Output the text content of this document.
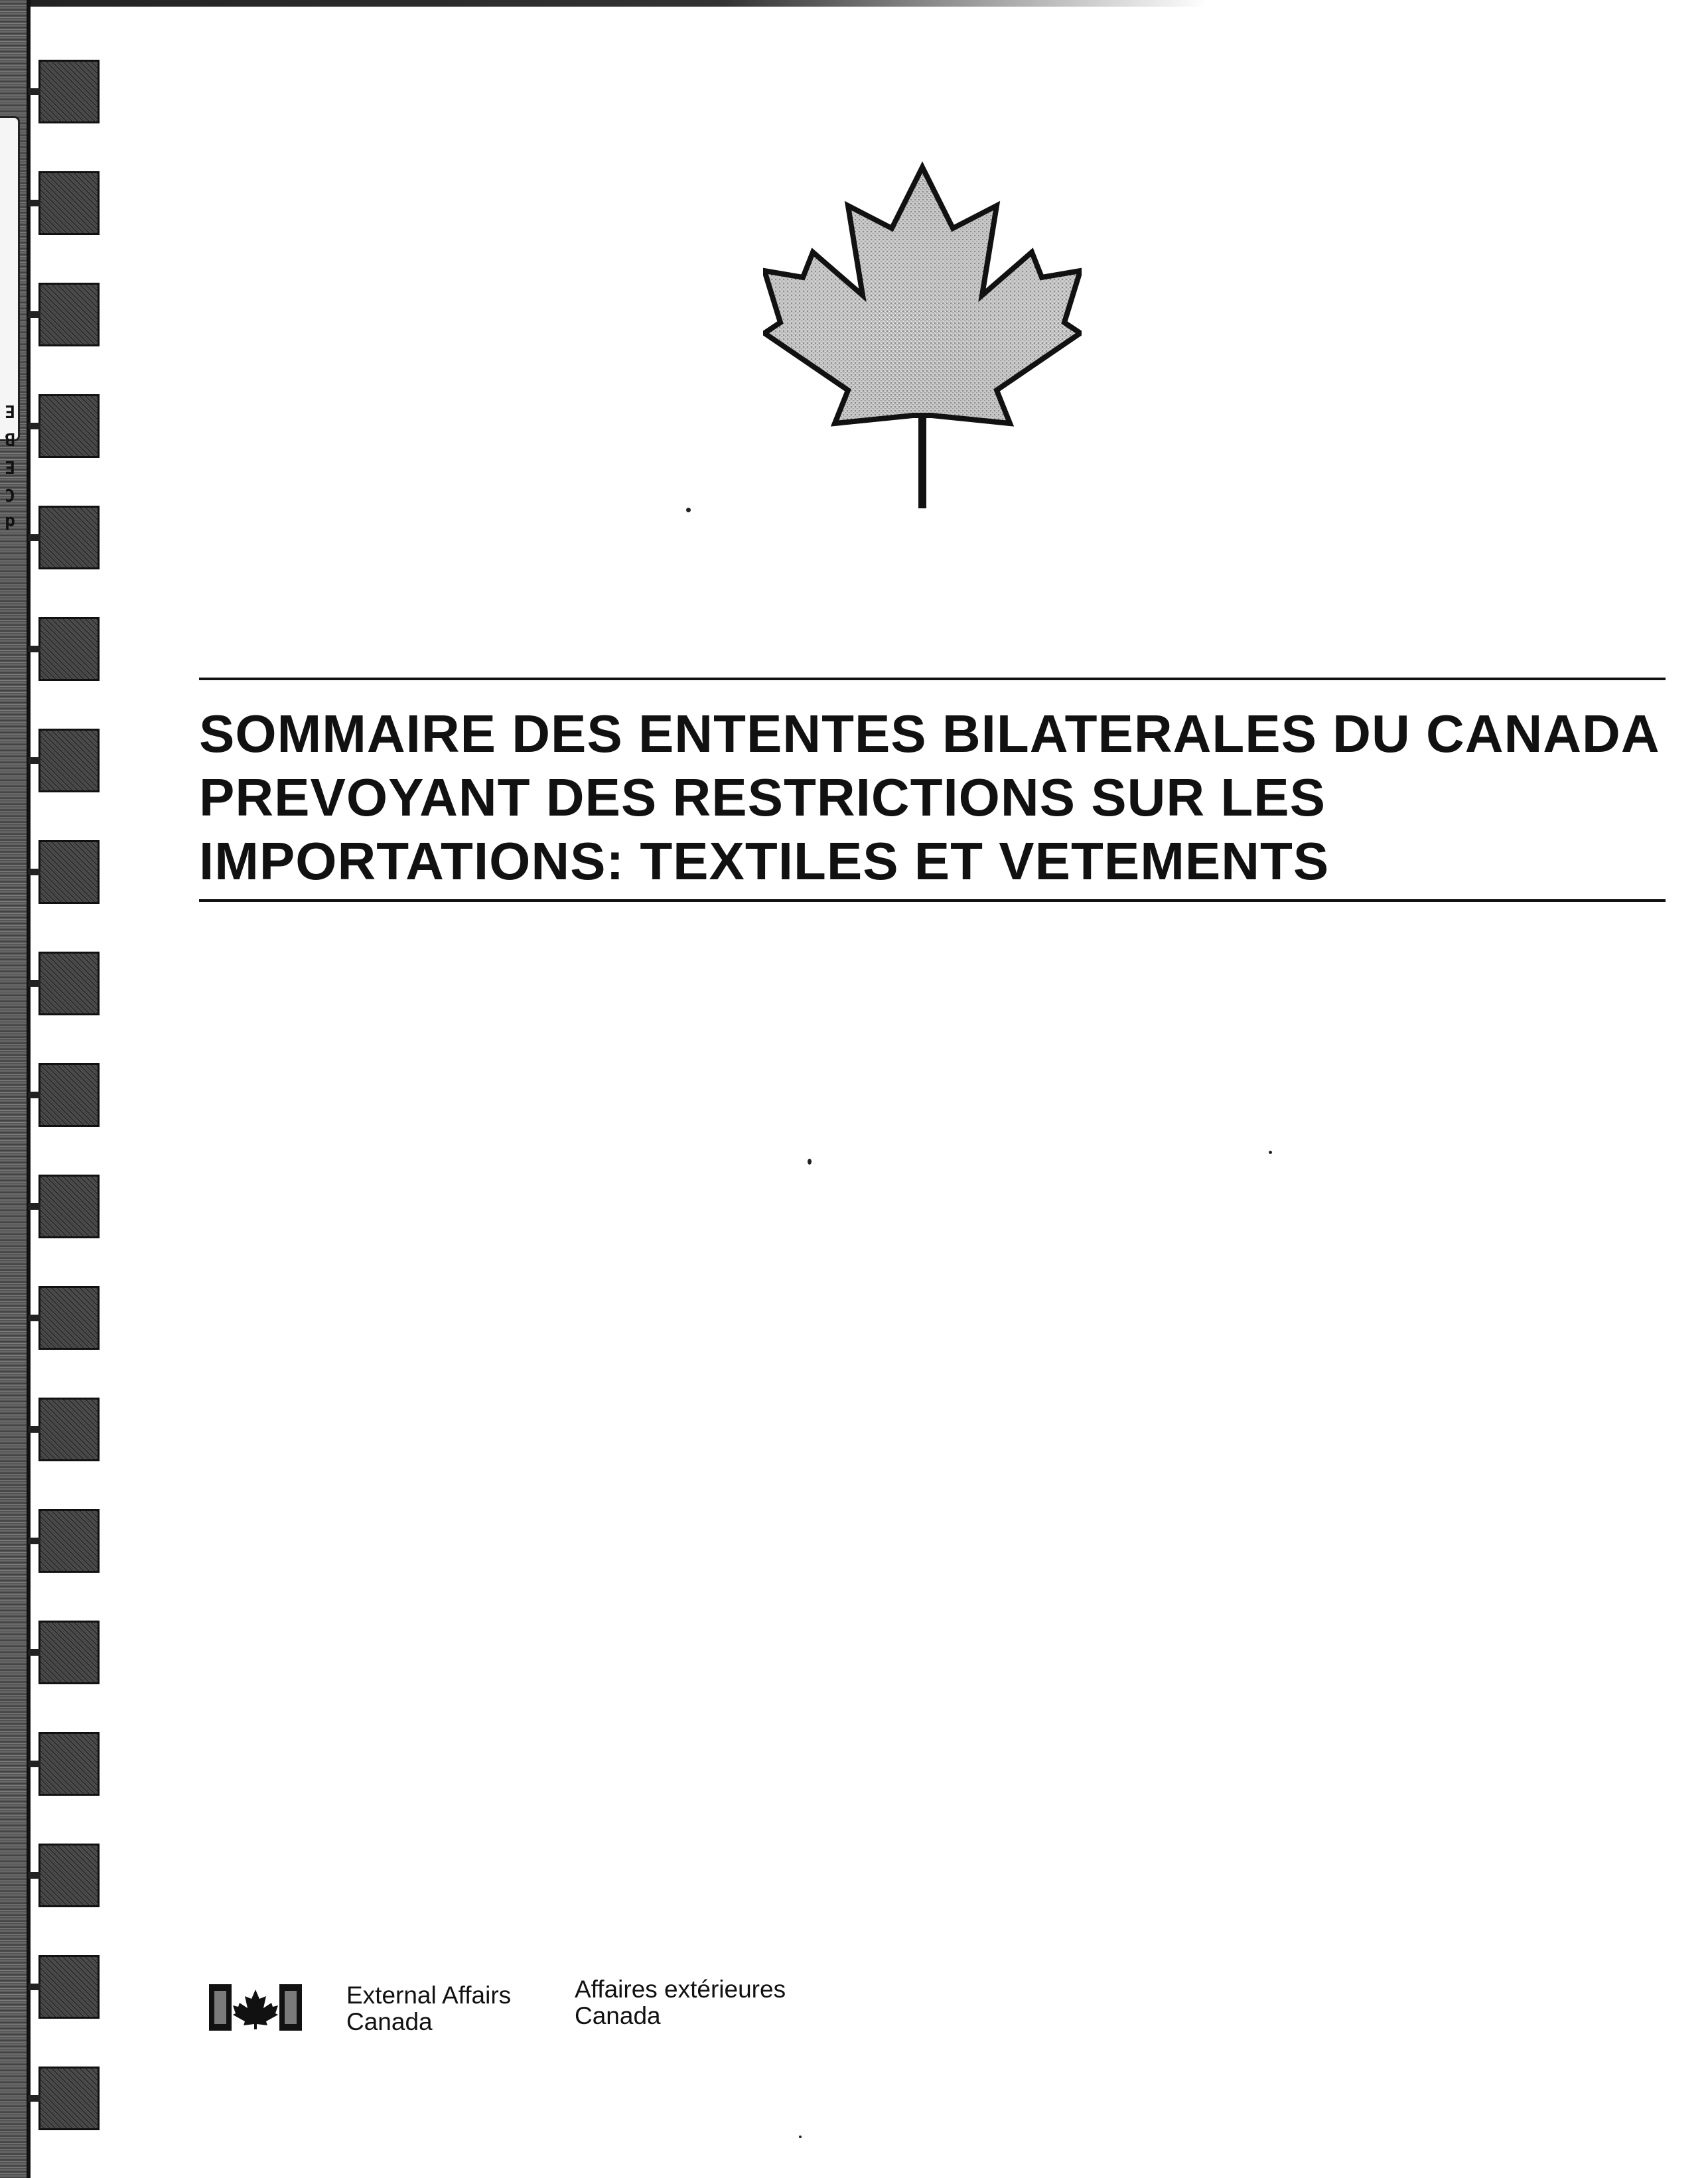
d
C
E
B
E
SOMMAIRE DES ENTENTES BILATERALES DU CANADA
PREVOYANT DES RESTRICTIONS SUR LES
IMPORTATIONS: TEXTILES ET VETEMENTS
External Affairs
Canada
Affaires extérieures
Canada
